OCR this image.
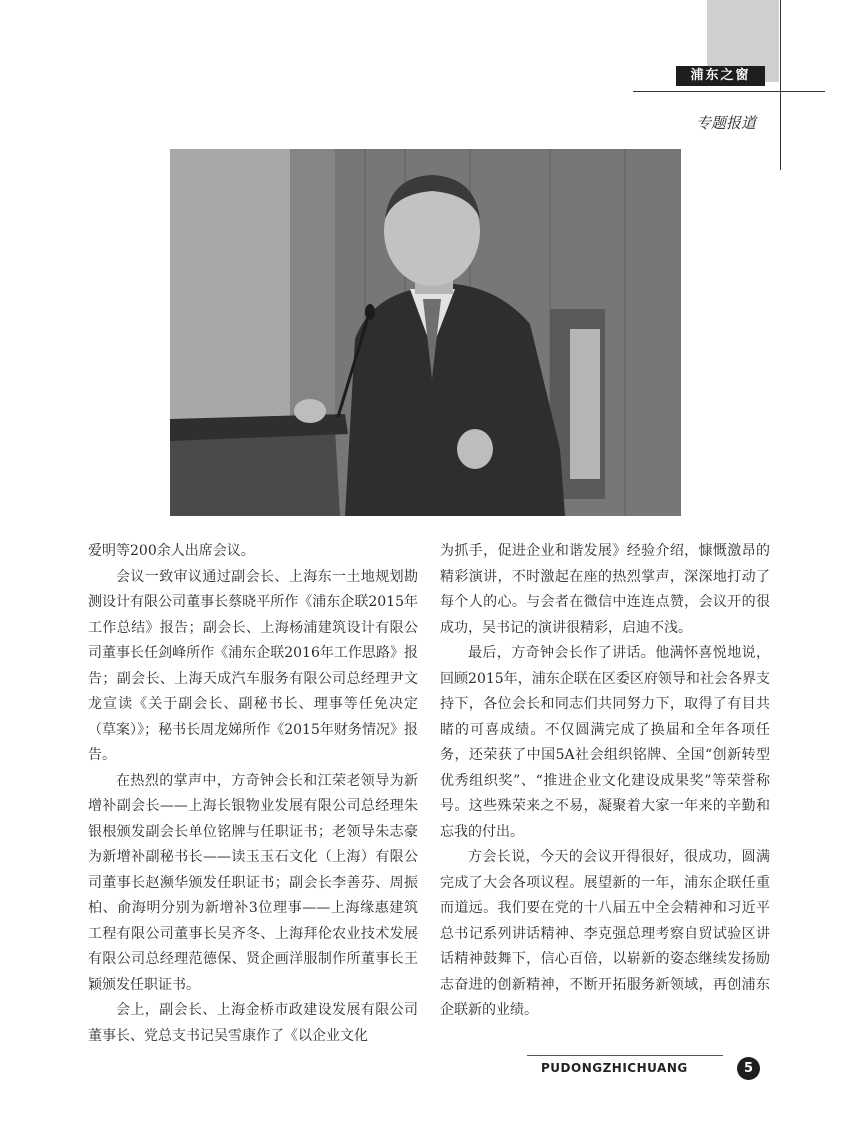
浦东之窗
专题报道

爱明等200余人出席会议。

会议一致审议通过副会长、上海东一土地规划勘测设计有限公司董事长蔡晓平所作《浦东企联2015年工作总结》报告；副会长、上海杨浦建筑设计有限公司董事长任剑峰所作《浦东企联2016年工作思路》报告；副会长、上海天成汽车服务有限公司总经理尹文龙宣读《关于副会长、副秘书长、理事等任免决定（草案）》；秘书长周龙娣所作《2015年财务情况》报告。

在热烈的掌声中，方奇钟会长和江荣老领导为新增补副会长——上海长银物业发展有限公司总经理朱银根颁发副会长单位铭牌与任职证书；老领导朱志豪为新增补副秘书长——读玉玉石文化（上海）有限公司董事长赵濒华颁发任职证书；副会长李善芬、周振柏、俞海明分别为新增补3位理事——上海缘惠建筑工程有限公司董事长吴齐冬、上海拜伦农业技术发展有限公司总经理范德保、贤企画洋服制作所董事长王颖颁发任职证书。

会上，副会长、上海金桥市政建设发展有限公司董事长、党总支书记吴雪康作了《以企业文化

为抓手，促进企业和谐发展》经验介绍，慷慨激昂的精彩演讲，不时激起在座的热烈掌声，深深地打动了每个人的心。与会者在微信中连连点赞，会议开的很成功，吴书记的演讲很精彩，启迪不浅。

最后，方奇钟会长作了讲话。他满怀喜悦地说，回顾2015年，浦东企联在区委区府领导和社会各界支持下，各位会长和同志们共同努力下，取得了有目共睹的可喜成绩。不仅圆满完成了换届和全年各项任务，还荣获了中国5A社会组织铭牌、全国“创新转型优秀组织奖”、“推进企业文化建设成果奖”等荣誉称号。这些殊荣来之不易，凝聚着大家一年来的辛勤和忘我的付出。

方会长说，今天的会议开得很好，很成功，圆满完成了大会各项议程。展望新的一年，浦东企联任重而道远。我们要在党的十八届五中全会精神和习近平总书记系列讲话精神、李克强总理考察自贸试验区讲话精神鼓舞下，信心百倍，以崭新的姿态继续发扬励志奋进的创新精神，不断开拓服务新领域，再创浦东企联新的业绩。

PUDONGZHICHUANG	5
